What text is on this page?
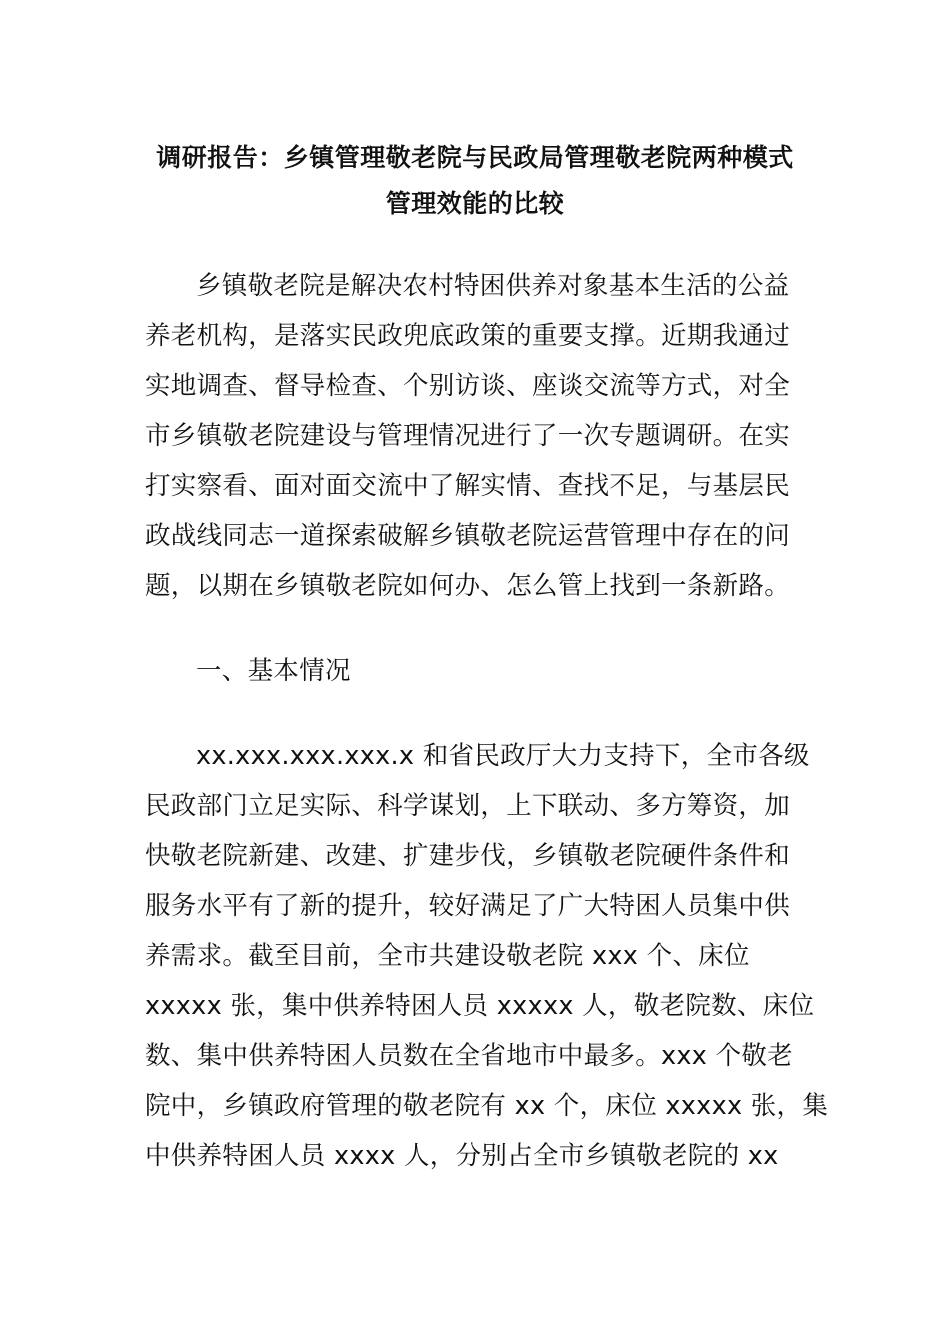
调研报告：乡镇管理敬老院与民政局管理敬老院两种模式
管理效能的比较
乡镇敬老院是解决农村特困供养对象基本生活的公益
养老机构，是落实民政兜底政策的重要支撑。近期我通过
实地调查、督导检查、个别访谈、座谈交流等方式，对全
市乡镇敬老院建设与管理情况进行了一次专题调研。在实
打实察看、面对面交流中了解实情、查找不足，与基层民
政战线同志一道探索破解乡镇敬老院运营管理中存在的问
题，以期在乡镇敬老院如何办、怎么管上找到一条新路。
一、基本情况
xx.xxx.xxx.xxx.x 和省民政厅大力支持下，全市各级
民政部门立足实际、科学谋划，上下联动、多方筹资，加
快敬老院新建、改建、扩建步伐，乡镇敬老院硬件条件和
服务水平有了新的提升，较好满足了广大特困人员集中供
养需求。截至目前，全市共建设敬老院 xxx 个、床位
xxxxx 张，集中供养特困人员 xxxxx 人，敬老院数、床位
数、集中供养特困人员数在全省地市中最多。xxx 个敬老
院中，乡镇政府管理的敬老院有 xx 个，床位 xxxxx 张，集
中供养特困人员 xxxx 人，分别占全市乡镇敬老院的 xx
